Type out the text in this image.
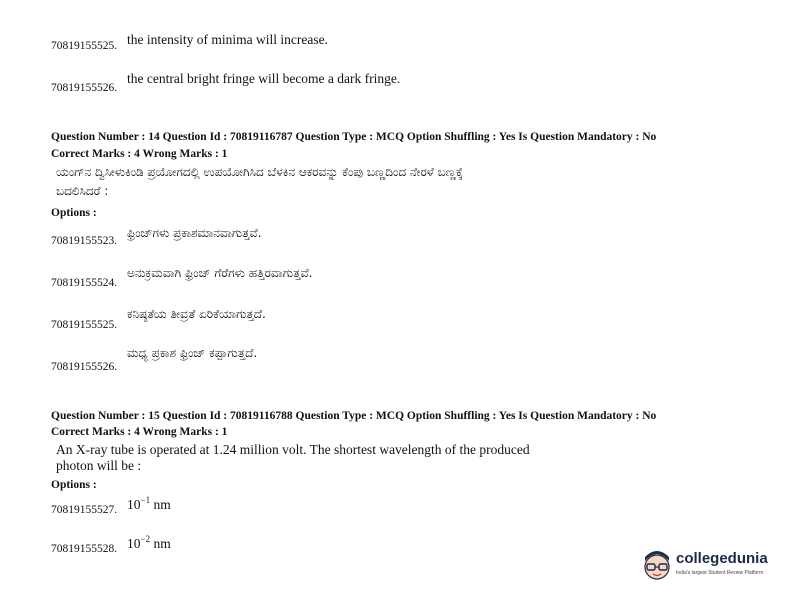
70819155525. the intensity of minima will increase.
70819155526.
the central bright fringe will become a dark fringe.
Question Number : 14 Question Id : 70819116787 Question Type : MCQ Option Shuffling : Yes Is Question Mandatory : No
Correct Marks : 4 Wrong Marks : 1
ಯಂಗ್‌ನ ದ್ವಿಸೀಳುಕಿಂಡಿ ಪ್ರಯೋಗದಲ್ಲಿ ಉಪಯೋಗಿಸಿದ ಬೆಳಕಿನ ಆಕರವನ್ನು ಕೆಂಪು ಬಣ್ಣದಿಂದ ನೇರಳೆ ಬಣ್ಣಕ್ಕೆ
ಬದಲಿಸಿದರೆ :
Options :
70819155523.
ಫ್ರಿಂಜ್‌ಗಳು ಪ್ರಕಾಶಮಾನವಾಗುತ್ತವೆ.
70819155524.
ಅನುಕ್ರಮವಾಗಿ ಫ್ರಿಂಜ್ ಗೆರೆಗಳು ಹತ್ತಿರವಾಗುತ್ತವೆ.
70819155525.
ಕನಿಷ್ಠತೆಯ ತೀವ್ರತೆ ಏರಿಕೆಯಾಗುತ್ತದೆ.
70819155526.
ಮಧ್ಯ ಪ್ರಕಾಶ ಫ್ರಿಂಜ್ ಕಪ್ಪಾಗುತ್ತದೆ.
Question Number : 15 Question Id : 70819116788 Question Type : MCQ Option Shuffling : Yes Is Question Mandatory : No
Correct Marks : 4 Wrong Marks : 1
An X-ray tube is operated at 1.24 million volt. The shortest wavelength of the produced
photon will be :
Options :
70819155527. $10^{-1}$ nm
70819155528. $10^{-2}$ nm
collegedunia
India's largest Student Review Platform
